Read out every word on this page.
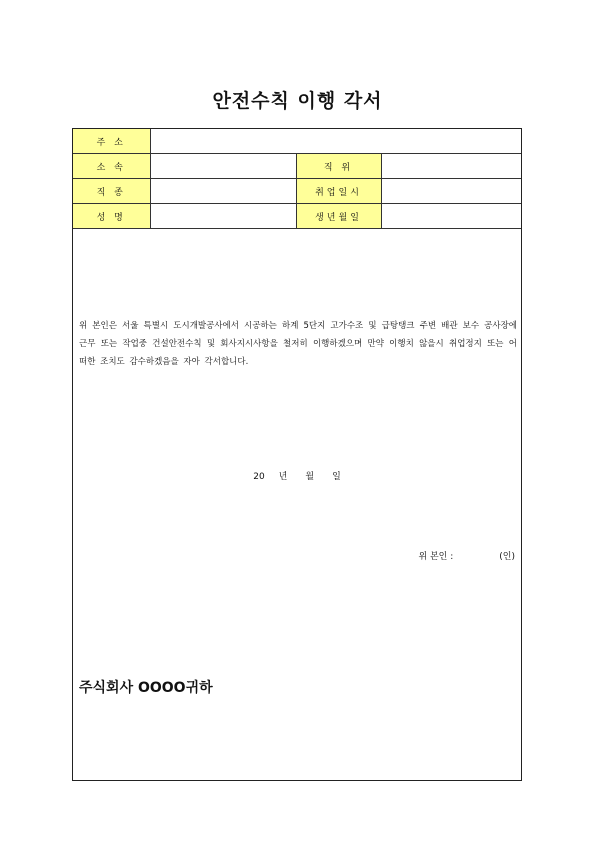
안전수칙 이행 각서
주 소			
소 속		직 위	
직 종		취업일시	
성 명		생년월일	
위 본인은 서울 특별시 도시개발공사에서 시공하는 하계 5단지 고가수조 및 급탕탱크 주변 배관 보수 공사장에 근무 또는 작업중 건설안전수칙 및 회사지시사항을 철저히 이행하겠으며 만약 이행치 않을시 취업정지 또는 어떠한 조치도 감수하겠음을 자아 각서합니다.
20 년 월 일
위 본인 :	(인)
주식회사 OOOO귀하
